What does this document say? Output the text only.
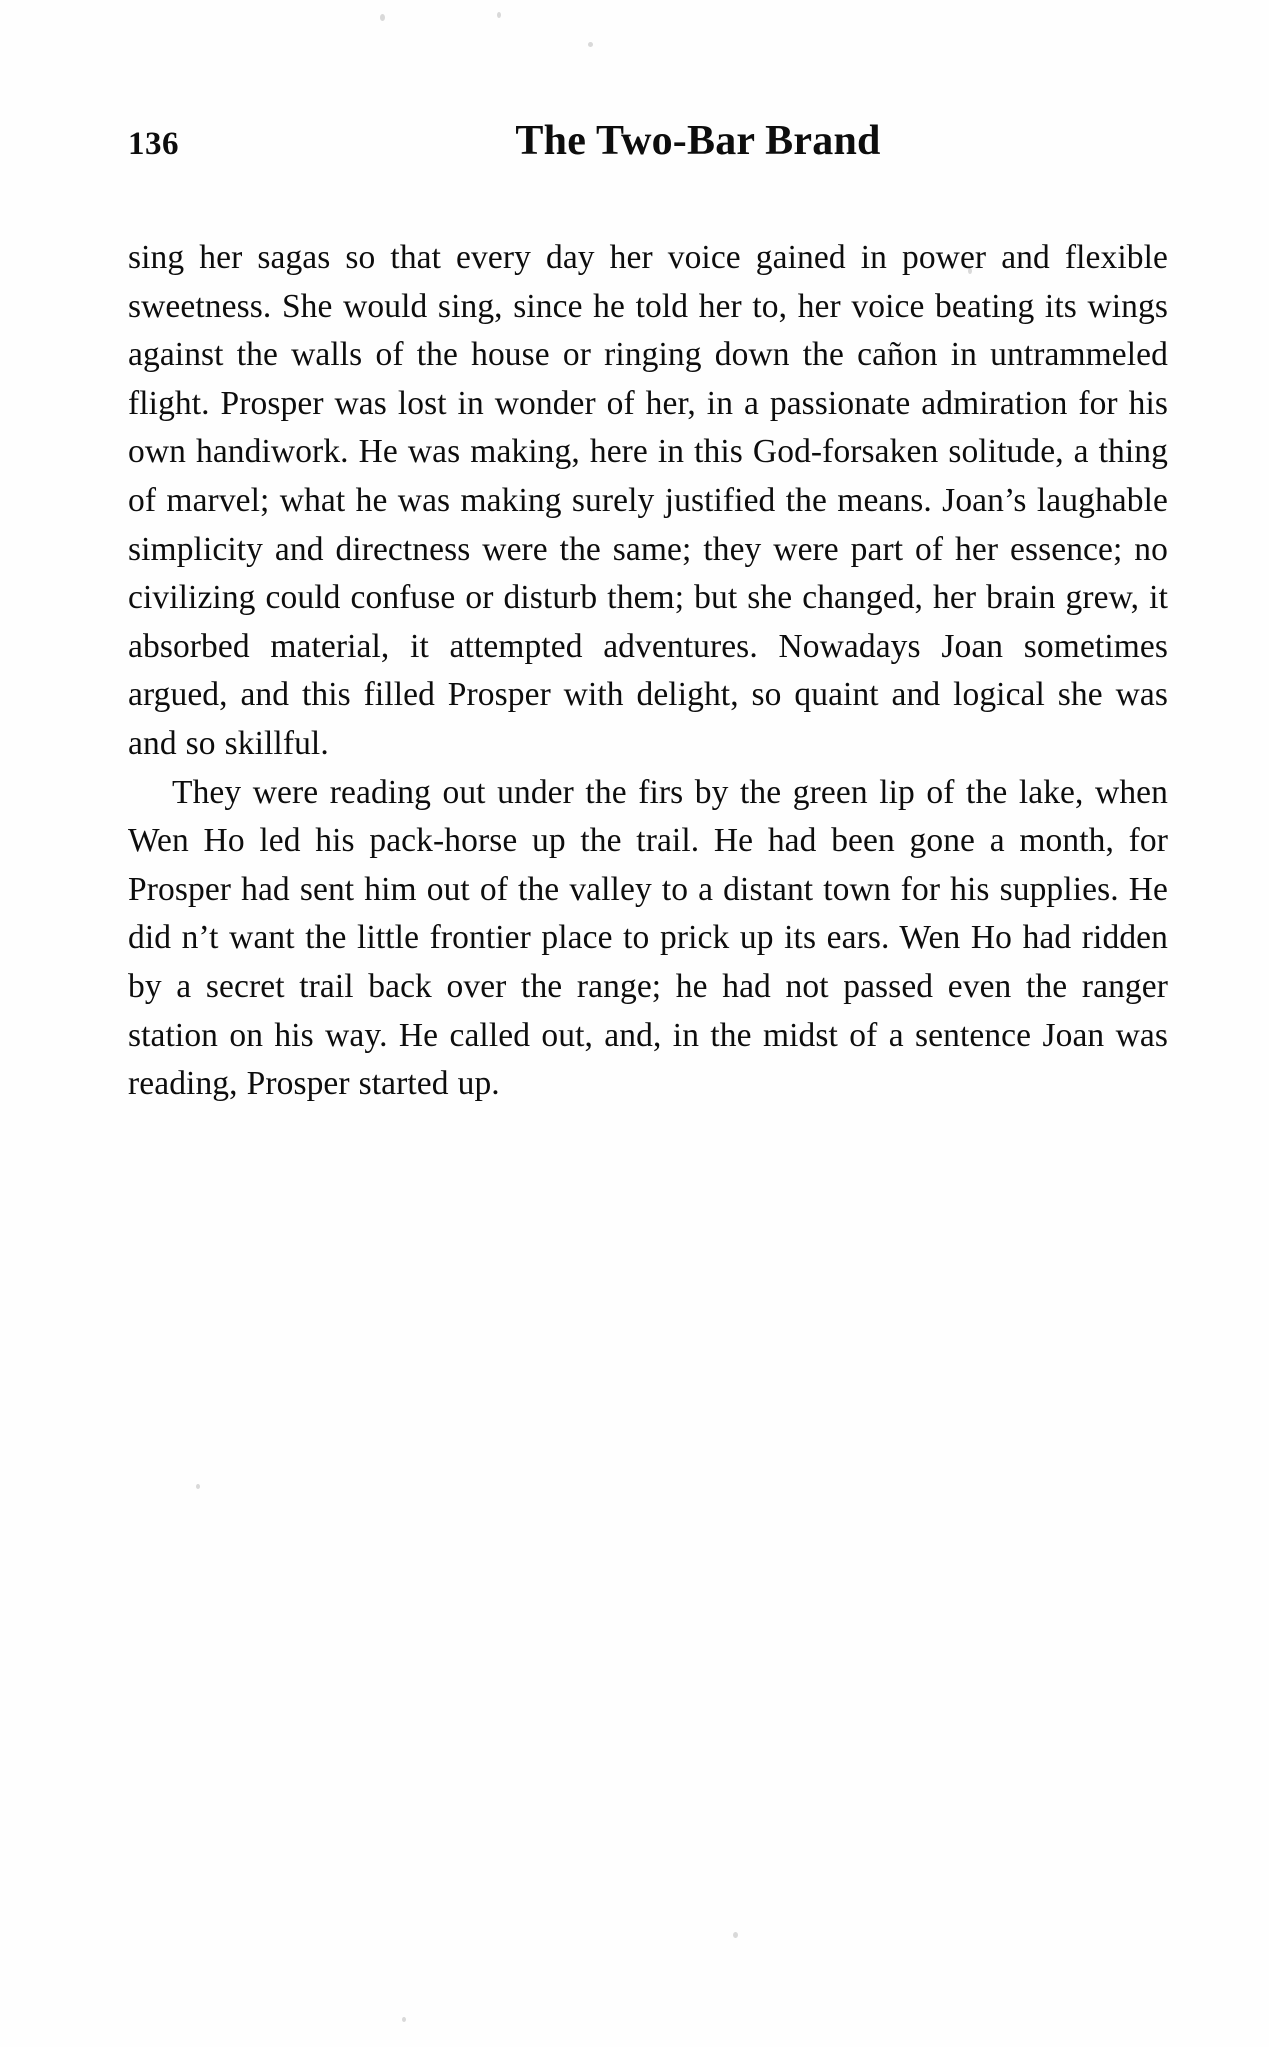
136	The Two-Bar Brand

sing her sagas so that every day her voice gained in power and flexible sweetness. She would sing, since he told her to, her voice beating its wings against the walls of the house or ringing down the cañon in untrammeled flight. Prosper was lost in wonder of her, in a passionate admiration for his own handiwork. He was making, here in this God-forsaken solitude, a thing of marvel; what he was making surely justified the means. Joan’s laughable simplicity and directness were the same; they were part of her essence; no civilizing could confuse or disturb them; but she changed, her brain grew, it absorbed material, it attempted adventures. Nowadays Joan sometimes argued, and this filled Prosper with delight, so quaint and logical she was and so skillful.

They were reading out under the firs by the green lip of the lake, when Wen Ho led his pack-horse up the trail. He had been gone a month, for Prosper had sent him out of the valley to a distant town for his supplies. He did n’t want the little frontier place to prick up its ears. Wen Ho had ridden by a secret trail back over the range; he had not passed even the ranger station on his way. He called out, and, in the midst of a sentence Joan was reading, Prosper started up.
